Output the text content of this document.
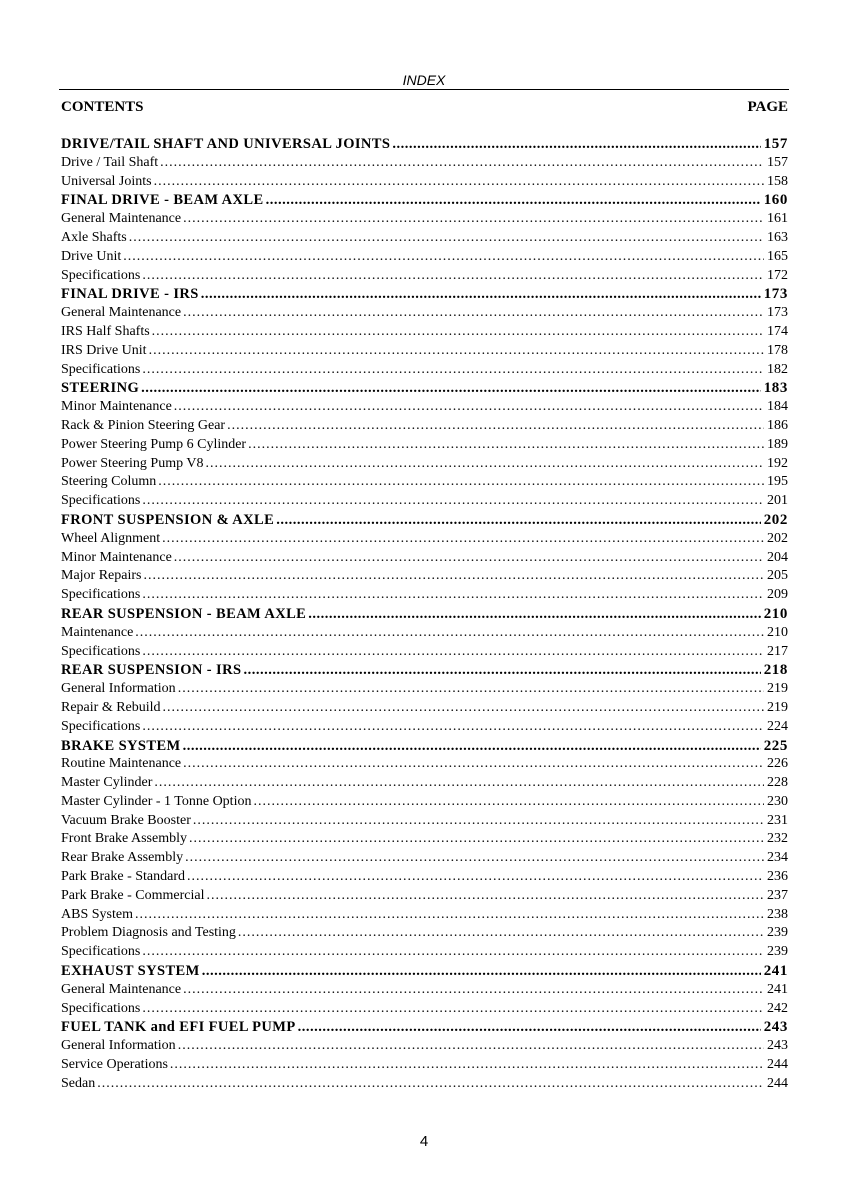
INDEX
CONTENTS	PAGE
DRIVE/TAIL SHAFT AND UNIVERSAL JOINTS .....	157
Drive / Tail Shaft .....	157
Universal Joints .....	158
FINAL DRIVE - BEAM AXLE .....	160
General Maintenance .....	161
Axle Shafts .....	163
Drive Unit .....	165
Specifications .....	172
FINAL DRIVE - IRS .....	173
General Maintenance .....	173
IRS Half Shafts .....	174
IRS Drive Unit .....	178
Specifications .....	182
STEERING .....	183
Minor Maintenance .....	184
Rack & Pinion Steering Gear .....	186
Power Steering Pump 6 Cylinder .....	189
Power Steering Pump V8 .....	192
Steering Column .....	195
Specifications .....	201
FRONT SUSPENSION & AXLE .....	202
Wheel Alignment .....	202
Minor Maintenance .....	204
Major Repairs .....	205
Specifications .....	209
REAR SUSPENSION - BEAM AXLE .....	210
Maintenance .....	210
Specifications .....	217
REAR SUSPENSION - IRS .....	218
General Information .....	219
Repair & Rebuild .....	219
Specifications .....	224
BRAKE SYSTEM .....	225
Routine Maintenance .....	226
Master Cylinder .....	228
Master Cylinder - 1 Tonne Option .....	230
Vacuum Brake Booster .....	231
Front Brake Assembly .....	232
Rear Brake Assembly .....	234
Park Brake - Standard .....	236
Park Brake - Commercial .....	237
ABS System .....	238
Problem Diagnosis and Testing .....	239
Specifications .....	239
EXHAUST SYSTEM .....	241
General Maintenance .....	241
Specifications .....	242
FUEL TANK and EFI FUEL PUMP .....	243
General Information .....	243
Service Operations .....	244
Sedan .....	244
4
